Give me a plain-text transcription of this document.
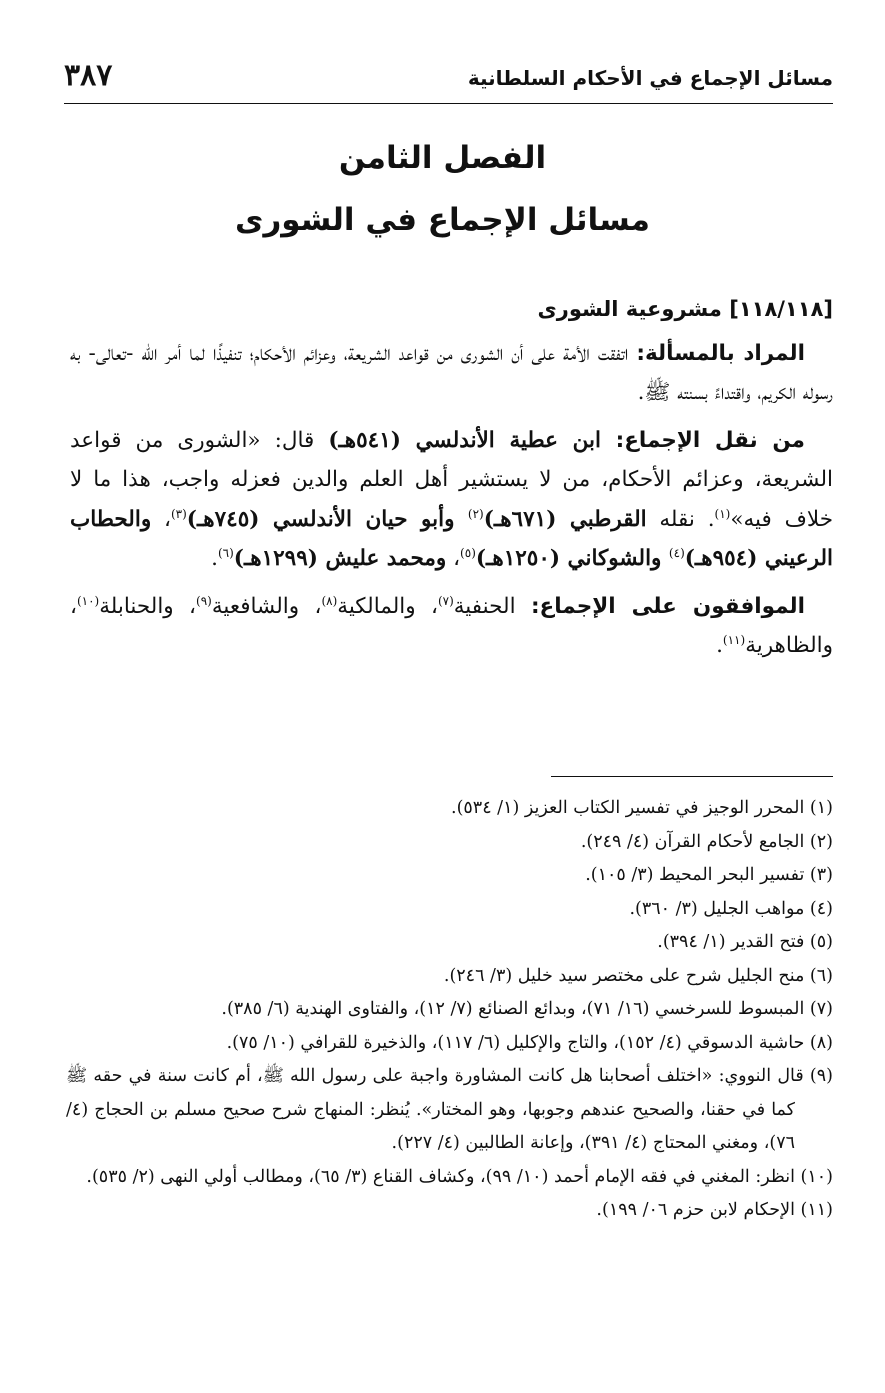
مسائل الإجماع في الأحكام السلطانية
٣٨٧
الفصل الثامن
مسائل الإجماع في الشورى
[١١٨/١١٨] مشروعية الشورى

المراد بالمسألة: اتفقت الأمة على أن الشورى من قواعد الشريعة، وعزائم الأحكام؛ تنفيذًا لما أمر الله -تعالى- به رسوله الكريم، واقتداءً بسنته ﷺ.

من نقل الإجماع: ابن عطية الأندلسي (٥٤١هـ) قال: «الشورى من قواعد الشريعة، وعزائم الأحكام، من لا يستشير أهل العلم والدين فعزله واجب، هذا ما لا خلاف فيه»$^{(١)}$. نقله القرطبي (٦٧١هـ)$^{(٢)}$ وأبو حيان الأندلسي (٧٤٥هـ)$^{(٣)}$، والحطاب الرعيني (٩٥٤هـ)$^{(٤)}$ والشوكاني (١٢٥٠هـ)$^{(٥)}$، ومحمد عليش (١٢٩٩هـ)$^{(٦)}$.

الموافقون على الإجماع: الحنفية$^{(٧)}$، والمالكية$^{(٨)}$، والشافعية$^{(٩)}$، والحنابلة$^{(١٠)}$، والظاهرية$^{(١١)}$.

(١) المحرر الوجيز في تفسير الكتاب العزيز (١/ ٥٣٤).
(٢) الجامع لأحكام القرآن (٤/ ٢٤٩).
(٣) تفسير البحر المحيط (٣/ ١٠٥).
(٤) مواهب الجليل (٣/ ٣٦٠).
(٥) فتح القدير (١/ ٣٩٤).
(٦) منح الجليل شرح على مختصر سيد خليل (٣/ ٢٤٦).
(٧) المبسوط للسرخسي (١٦/ ٧١)، وبدائع الصنائع (٧/ ١٢)، والفتاوى الهندية (٦/ ٣٨٥).
(٨) حاشية الدسوقي (٤/ ١٥٢)، والتاج والإكليل (٦/ ١١٧)، والذخيرة للقرافي (١٠/ ٧٥).
(٩) قال النووي: «اختلف أصحابنا هل كانت المشاورة واجبة على رسول الله ﷺ، أم كانت سنة في حقه ﷺ كما في حقنا، والصحيح عندهم وجوبها، وهو المختار». يُنظر: المنهاج شرح صحيح مسلم بن الحجاج (٤/ ٧٦)، ومغني المحتاج (٤/ ٣٩١)، وإعانة الطالبين (٤/ ٢٢٧).
(١٠) انظر: المغني في فقه الإمام أحمد (١٠/ ٩٩)، وكشاف القناع (٣/ ٦٥)، ومطالب أولي النهى (٢/ ٥٣٥).
(١١) الإحكام لابن حزم ٠٦/ ١٩٩).
